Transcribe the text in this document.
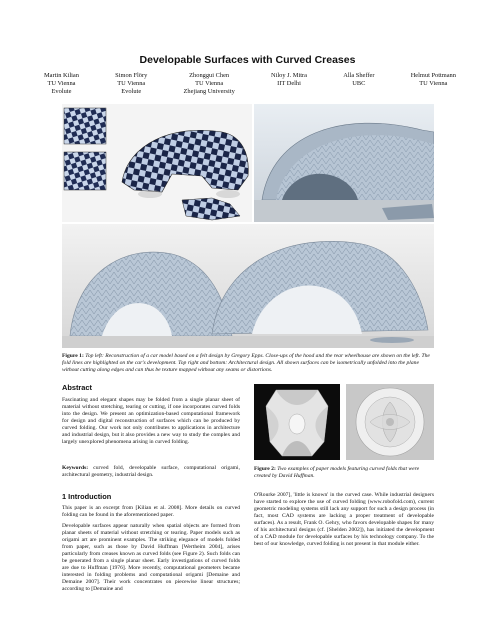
Developable Surfaces with Curved Creases
Martin Kilian
TU Vienna
Evolute
Simon Flöry
TU Vienna
Evolute
Zhonggui Chen
TU Vienna
Zhejiang University
Niloy J. Mitra
IIT Delhi
Alla Sheffer
UBC
Helmut Pottmann
TU Vienna
Figure 1: Top left: Reconstruction of a car model based on a felt design by Gregory Epps. Close-ups of the hood and the rear wheelhouse are shown on the left. The fold lines are highlighted on the car's development. Top right and bottom: Architectural design. All shown surfaces can be isometrically unfolded into the plane without cutting along edges and can thus be texture mapped without any seams or distortions.
Abstract
Fascinating and elegant shapes may be folded from a single planar sheet of material without stretching, tearing or cutting, if one incorporates curved folds into the design. We present an optimization-based computational framework for design and digital reconstruction of surfaces which can be produced by curved folding. Our work not only contributes to applications in architecture and industrial design, but it also provides a new way to study the complex and largely unexplored phenomena arising in curved folding.
Keywords: curved fold, developable surface, computational origami, architectural geometry, industrial design.
1 Introduction
This paper is an excerpt from [Kilian et al. 2008]. More details on curved folding can be found in the aforementioned paper.
Developable surfaces appear naturally when spatial objects are formed from planar sheets of material without stretching or tearing. Paper models such as origami art are prominent examples. The striking elegance of models folded from paper, such as those by David Huffman [Wertheim 2004], arises particularly from creases known as curved folds (see Figure 2). Such folds can be generated from a single planar sheet. Early investigations of curved folds are due to Huffman [1976]. More recently, computational geometers became interested in folding problems and computational origami [Demaine and Demaine 2007]. Their work concentrates on piecewise linear structures; according to [Demaine and
Figure 2: Two examples of paper models featuring curved folds that were created by David Huffman.
O'Rourke 2007], 'little is known' in the curved case. While industrial designers have started to explore the use of curved folding (www.robofold.com), current geometric modeling systems still lack any support for such a design process (in fact, most CAD systems are lacking a proper treatment of developable surfaces). As a result, Frank O. Gehry, who favors developable shapes for many of his architectural designs (cf. [Shelden 2002]), has initiated the development of a CAD module for developable surfaces by his technology company. To the best of our knowledge, curved folding is not present in that module either.
